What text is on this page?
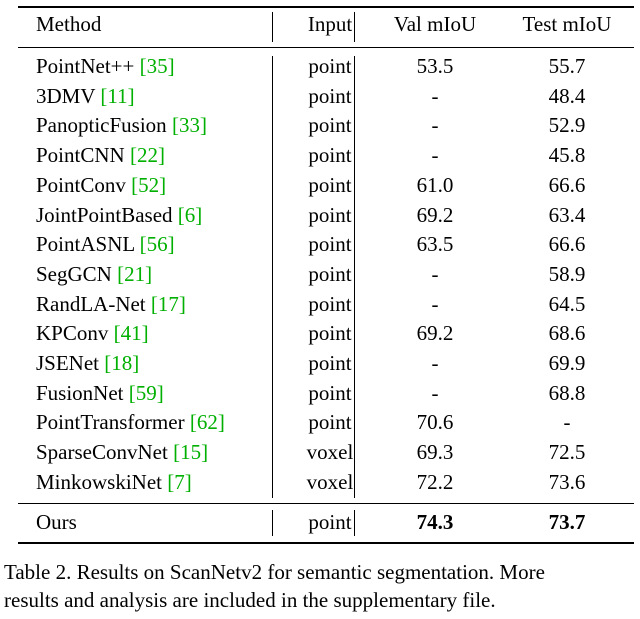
Method	Input	Val mIoU	Test mIoU
PointNet++ [35]	point	53.5	55.7
3DMV [11]	point	-	48.4
PanopticFusion [33]	point	-	52.9
PointCNN [22]	point	-	45.8
PointConv [52]	point	61.0	66.6
JointPointBased [6]	point	69.2	63.4
PointASNL [56]	point	63.5	66.6
SegGCN [21]	point	-	58.9
RandLA-Net [17]	point	-	64.5
KPConv [41]	point	69.2	68.6
JSENet [18]	point	-	69.9
FusionNet [59]	point	-	68.8
PointTransformer [62]	point	70.6	-
SparseConvNet [15]	voxel	69.3	72.5
MinkowskiNet [7]	voxel	72.2	73.6
Ours	point	74.3	73.7
Table 2. Results on ScanNetv2 for semantic segmentation. More
results and analysis are included in the supplementary file.
